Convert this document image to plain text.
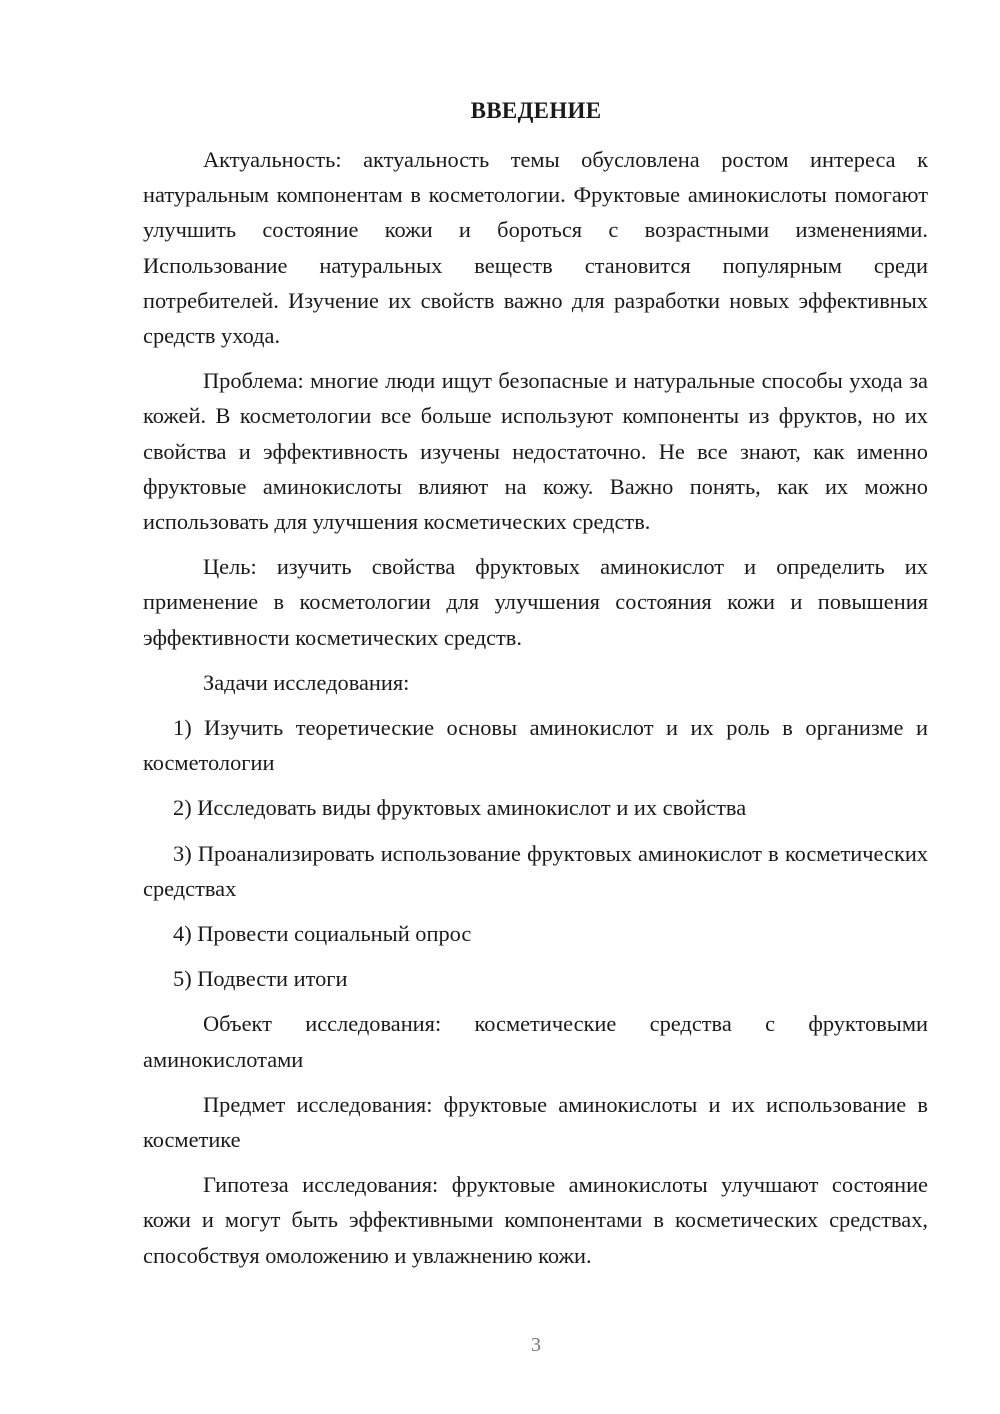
ВВЕДЕНИЕ

Актуальность: актуальность темы обусловлена ростом интереса к натуральным компонентам в косметологии. Фруктовые аминокислоты помогают улучшить состояние кожи и бороться с возрастными изменениями. Использование натуральных веществ становится популярным среди потребителей. Изучение их свойств важно для разработки новых эффективных средств ухода.

Проблема: многие люди ищут безопасные и натуральные способы ухода за кожей. В косметологии все больше используют компоненты из фруктов, но их свойства и эффективность изучены недостаточно. Не все знают, как именно фруктовые аминокислоты влияют на кожу. Важно понять, как их можно использовать для улучшения косметических средств.

Цель: изучить свойства фруктовых аминокислот и определить их применение в косметологии для улучшения состояния кожи и повышения эффективности косметических средств.

Задачи исследования:

1) Изучить теоретические основы аминокислот и их роль в организме и косметологии

2) Исследовать виды фруктовых аминокислот и их свойства

3) Проанализировать использование фруктовых аминокислот в косметических средствах

4) Провести социальный опрос

5) Подвести итоги

Объект исследования: косметические средства с фруктовыми аминокислотами

Предмет исследования: фруктовые аминокислоты и их использование в косметике

Гипотеза исследования: фруктовые аминокислоты улучшают состояние кожи и могут быть эффективными компонентами в косметических средствах, способствуя омоложению и увлажнению кожи.

3
